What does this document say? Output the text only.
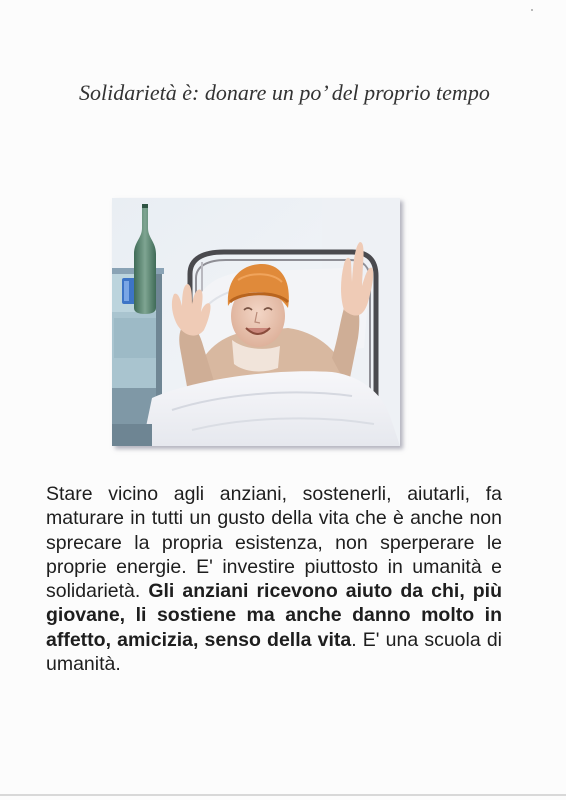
Solidarietà è: donare un po’ del proprio tempo

Stare vicino agli anziani, sostenerli, aiutarli, fa maturare in tutti un gusto della vita che è anche non sprecare la propria esistenza, non sperperare le proprie energie. E' investire piuttosto in umanità e solidarietà. Gli anziani ricevono aiuto da chi, più giovane, li sostiene ma anche danno molto in affetto, amicizia, senso della vita. E' una scuola di umanità.
